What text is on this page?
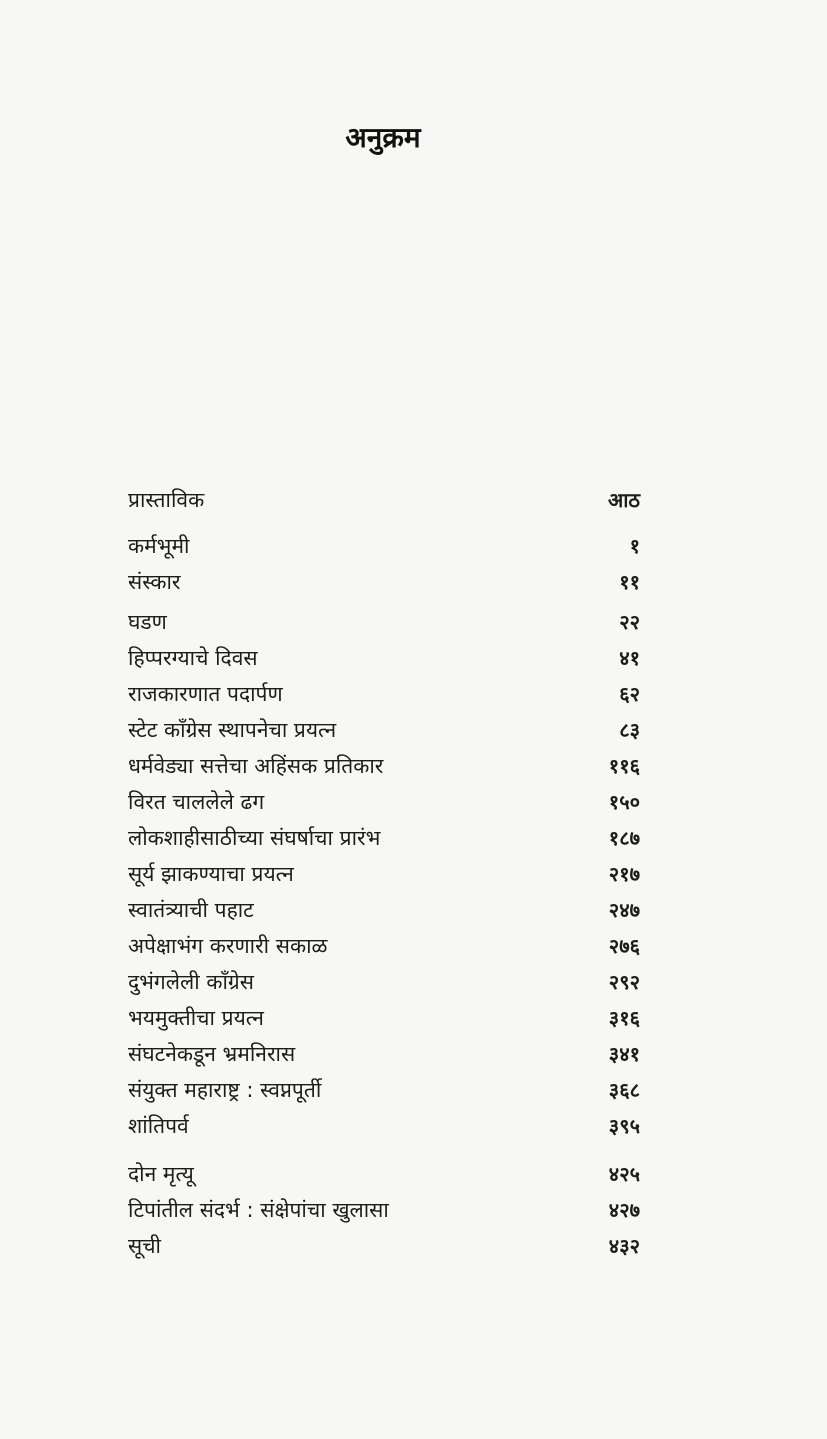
अनुक्रम
प्रास्ताविक	आठ
कर्मभूमी	१
संस्कार	११
घडण	२२
हिप्परग्याचे दिवस	४१
राजकारणात पदार्पण	६२
स्टेट काँग्रेस स्थापनेचा प्रयत्न	८३
धर्मवेड्या सत्तेचा अहिंसक प्रतिकार	११६
विरत चाललेले ढग	१५०
लोकशाहीसाठीच्या संघर्षाचा प्रारंभ	१८७
सूर्य झाकण्याचा प्रयत्न	२१७
स्वातंत्र्याची पहाट	२४७
अपेक्षाभंग करणारी सकाळ	२७६
दुभंगलेली काँग्रेस	२९२
भयमुक्तीचा प्रयत्न	३१६
संघटनेकडून भ्रमनिरास	३४१
संयुक्त महाराष्ट्र : स्वप्नपूर्ती	३६८
शांतिपर्व	३९५
दोन मृत्यू	४२५
टिपांतील संदर्भ : संक्षेपांचा खुलासा	४२७
सूची	४३२
